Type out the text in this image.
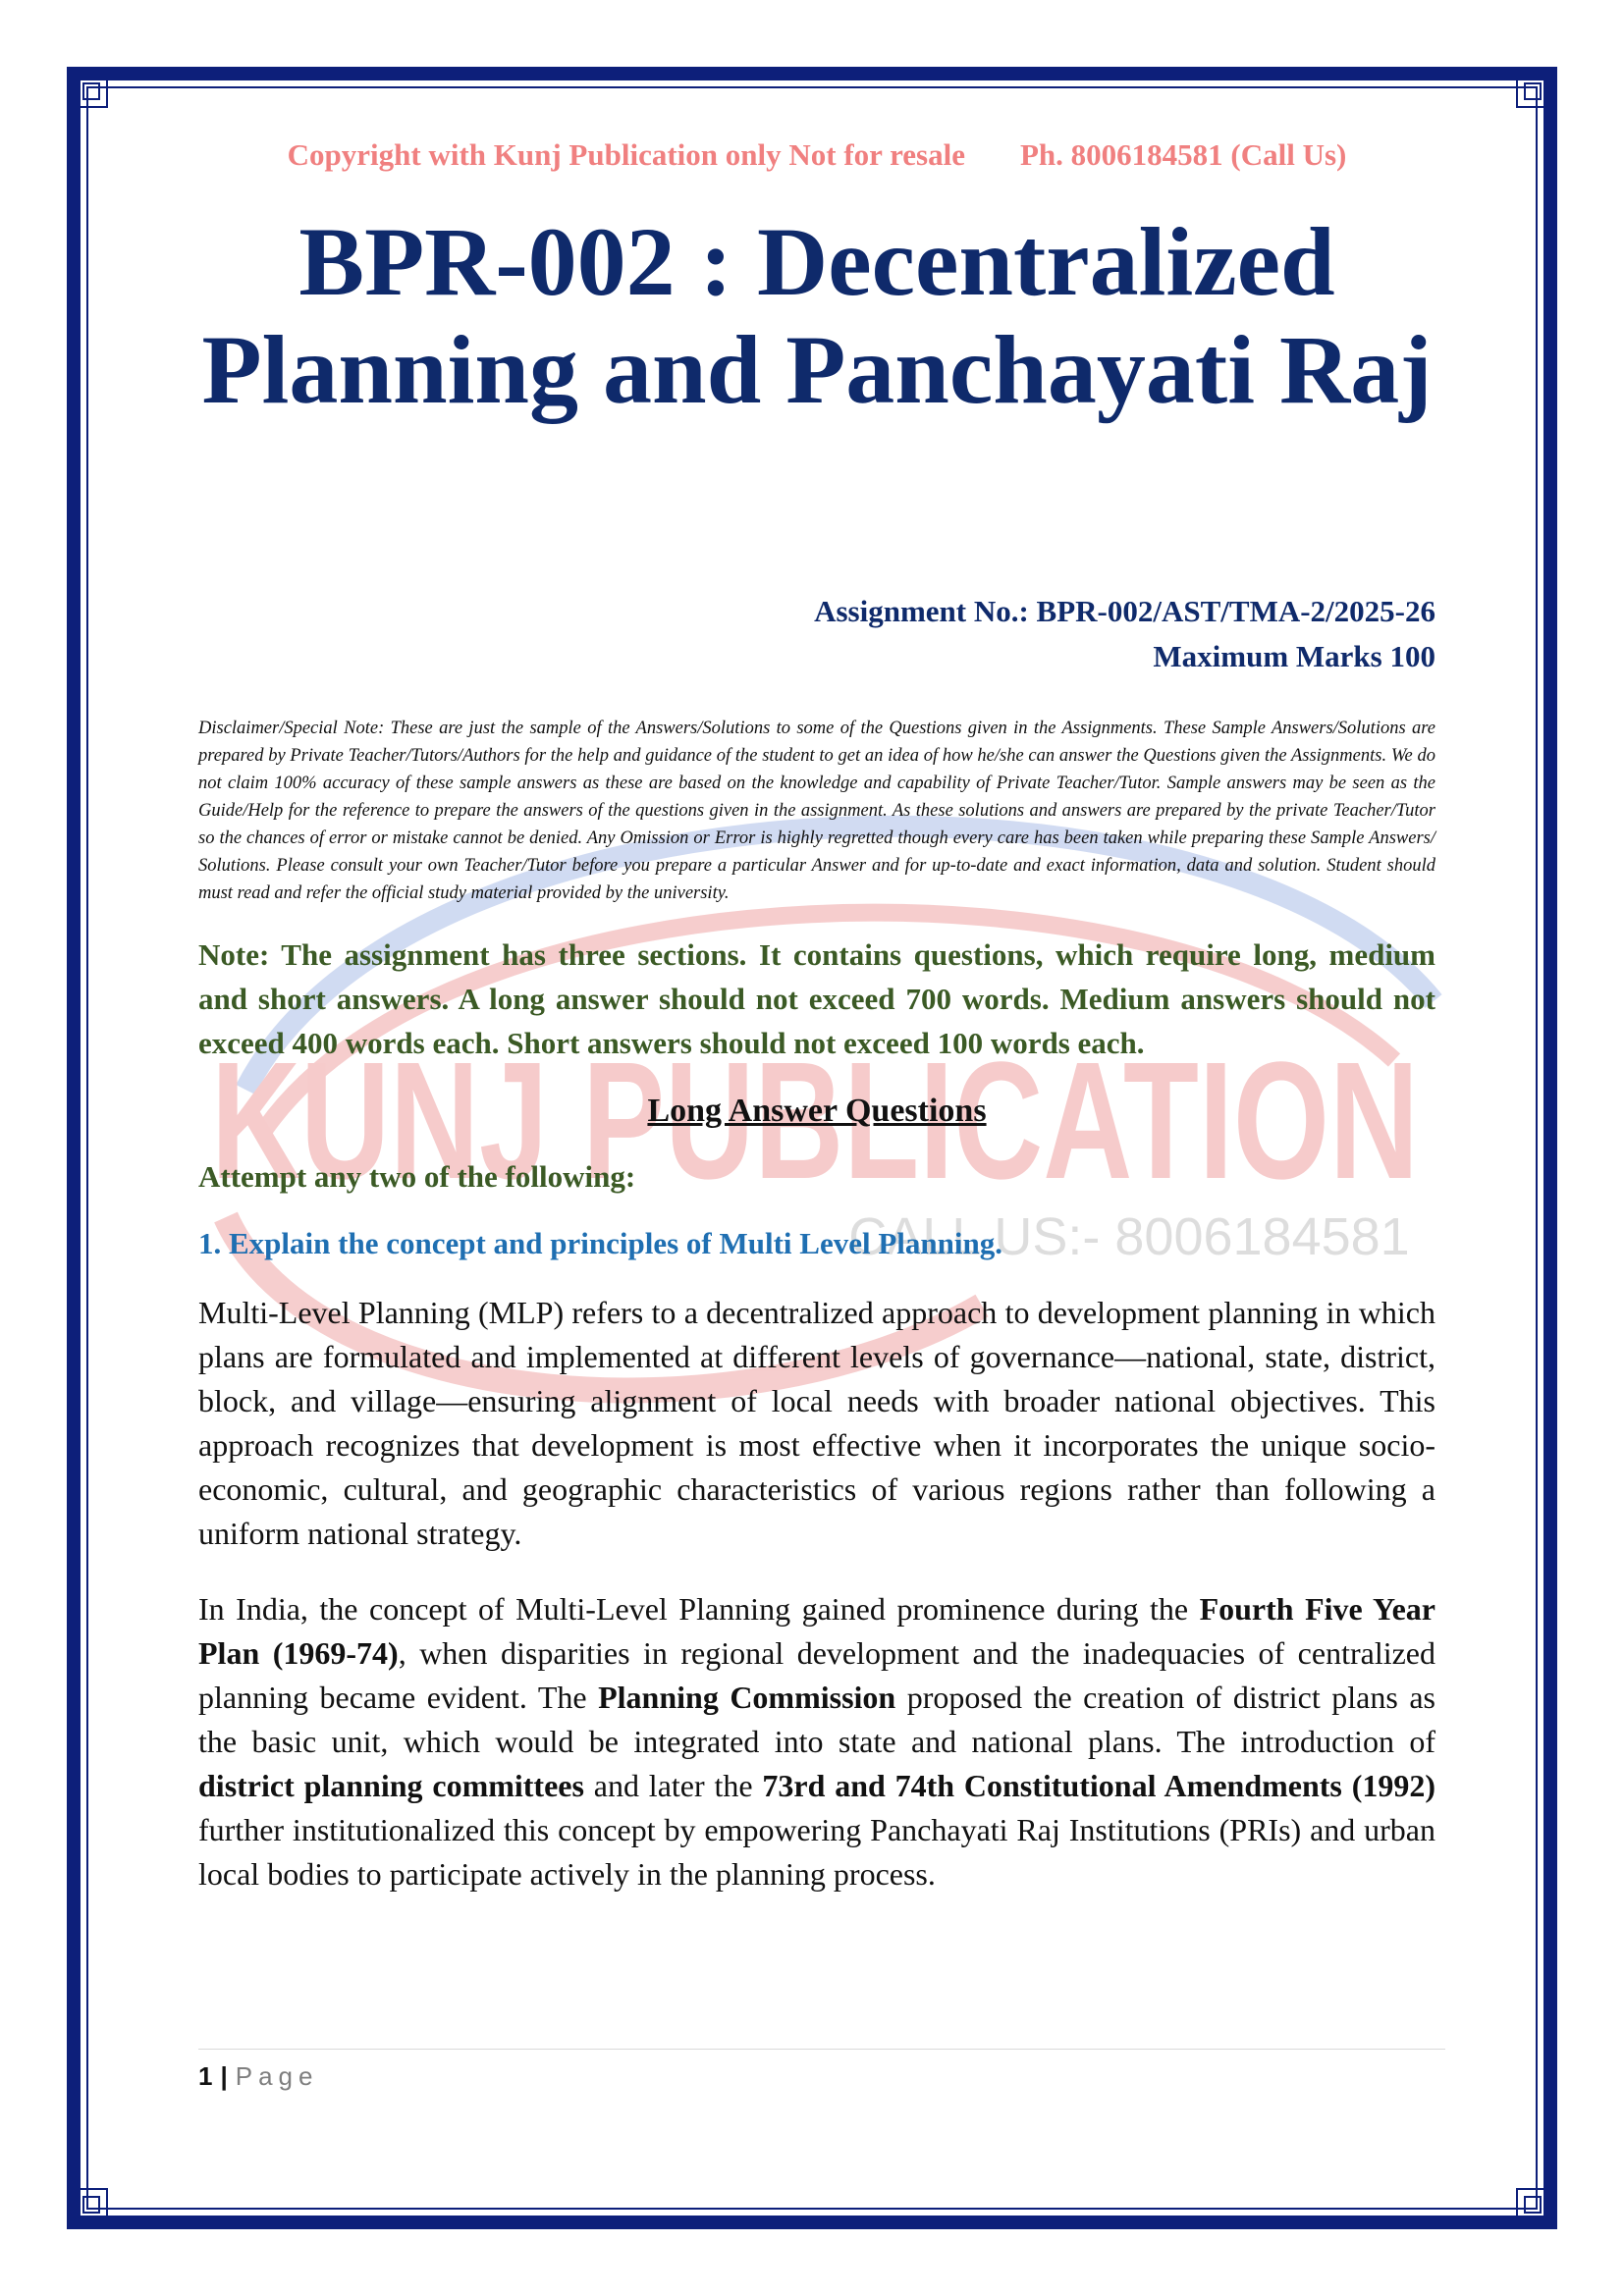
KUNJ PUBLICATION
CALL US:- 8006184581
Copyright with Kunj Publication only Not for resale Ph. 8006184581 (Call Us)
BPR-002 : Decentralized
Planning and Panchayati Raj
Assignment No.: BPR-002/AST/TMA-2/2025-26
Maximum Marks 100
Disclaimer/Special Note: These are just the sample of the Answers/Solutions to some of the Questions given in the Assignments. These Sample Answers/Solutions are prepared by Private Teacher/Tutors/Authors for the help and guidance of the student to get an idea of how he/she can answer the Questions given the Assignments. We do not claim 100% accuracy of these sample answers as these are based on the knowledge and capability of Private Teacher/Tutor. Sample answers may be seen as the Guide/Help for the reference to prepare the answers of the questions given in the assignment. As these solutions and answers are prepared by the private Teacher/Tutor so the chances of error or mistake cannot be denied. Any Omission or Error is highly regretted though every care has been taken while preparing these Sample Answers/ Solutions. Please consult your own Teacher/Tutor before you prepare a particular Answer and for up-to-date and exact information, data and solution. Student should must read and refer the official study material provided by the university.
Note: The assignment has three sections. It contains questions, which require long, medium and short answers. A long answer should not exceed 700 words. Medium answers should not exceed 400 words each. Short answers should not exceed 100 words each.
Long Answer Questions
Attempt any two of the following:
1. Explain the concept and principles of Multi Level Planning.

Multi-Level Planning (MLP) refers to a decentralized approach to development planning in which plans are formulated and implemented at different levels of governance—national, state, district, block, and village—ensuring alignment of local needs with broader national objectives. This approach recognizes that development is most effective when it incorporates the unique socio-economic, cultural, and geographic characteristics of various regions rather than following a uniform national strategy.

In India, the concept of Multi-Level Planning gained prominence during the Fourth Five Year Plan (1969-74), when disparities in regional development and the inadequacies of centralized planning became evident. The Planning Commission proposed the creation of district plans as the basic unit, which would be integrated into state and national plans. The introduction of district planning committees and later the 73rd and 74th Constitutional Amendments (1992) further institutionalized this concept by empowering Panchayati Raj Institutions (PRIs) and urban local bodies to participate actively in the planning process.

1 | Page
